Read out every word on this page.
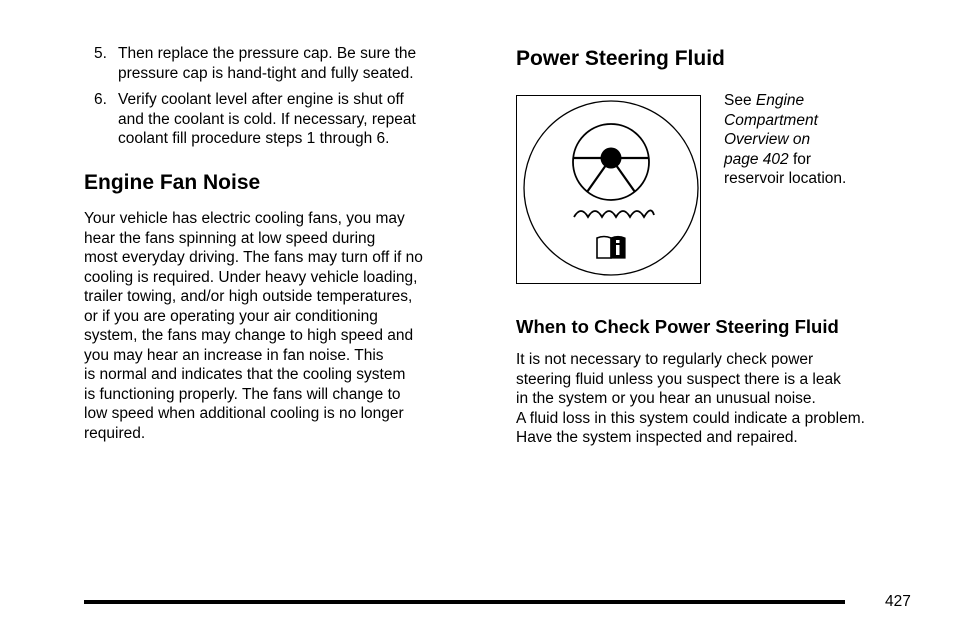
5. Then replace the pressure cap. Be sure the
pressure cap is hand-tight and fully seated.
6. Verify coolant level after engine is shut off
and the coolant is cold. If necessary, repeat
coolant fill procedure steps 1 through 6.
Engine Fan Noise

Your vehicle has electric cooling fans, you may
hear the fans spinning at low speed during
most everyday driving. The fans may turn off if no
cooling is required. Under heavy vehicle loading,
trailer towing, and/or high outside temperatures,
or if you are operating your air conditioning
system, the fans may change to high speed and
you may hear an increase in fan noise. This
is normal and indicates that the cooling system
is functioning properly. The fans will change to
low speed when additional cooling is no longer
required.

Power Steering Fluid
See Engine
Compartment
Overview on
page 402 for
reservoir location.
When to Check Power Steering Fluid

It is not necessary to regularly check power
steering fluid unless you suspect there is a leak
in the system or you hear an unusual noise.
A fluid loss in this system could indicate a problem.
Have the system inspected and repaired.

427
